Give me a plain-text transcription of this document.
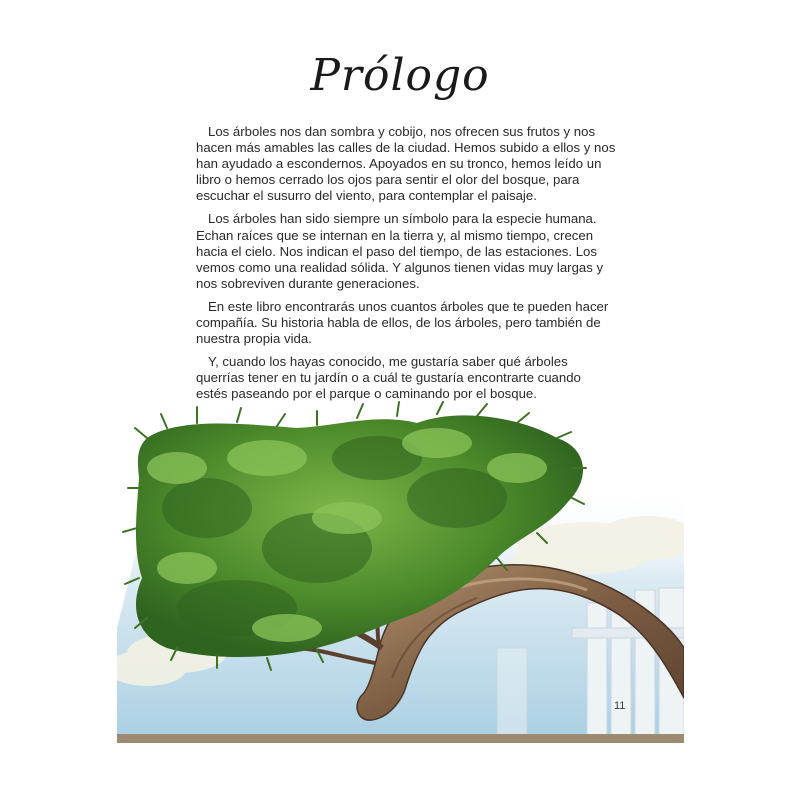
Prólogo

Los árboles nos dan sombra y cobijo, nos ofrecen sus frutos y nos hacen más amables las calles de la ciudad. Hemos subido a ellos y nos han ayudado a escondernos. Apoyados en su tronco, hemos leído un libro o hemos cerrado los ojos para sentir el olor del bosque, para escuchar el susurro del viento, para contemplar el paisaje.

Los árboles han sido siempre un símbolo para la especie humana. Echan raíces que se internan en la tierra y, al mismo tiempo, crecen hacia el cielo. Nos indican el paso del tiempo, de las estaciones. Los vemos como una realidad sólida. Y algunos tienen vidas muy largas y nos sobreviven durante generaciones.

En este libro encontrarás unos cuantos árboles que te pueden hacer compañía. Su historia habla de ellos, de los árboles, pero también de nuestra propia vida.

Y, cuando los hayas conocido, me gustaría saber qué árboles querrías tener en tu jardín o a cuál te gustaría encontrarte cuando estés paseando por el parque o caminando por el bosque.

11
